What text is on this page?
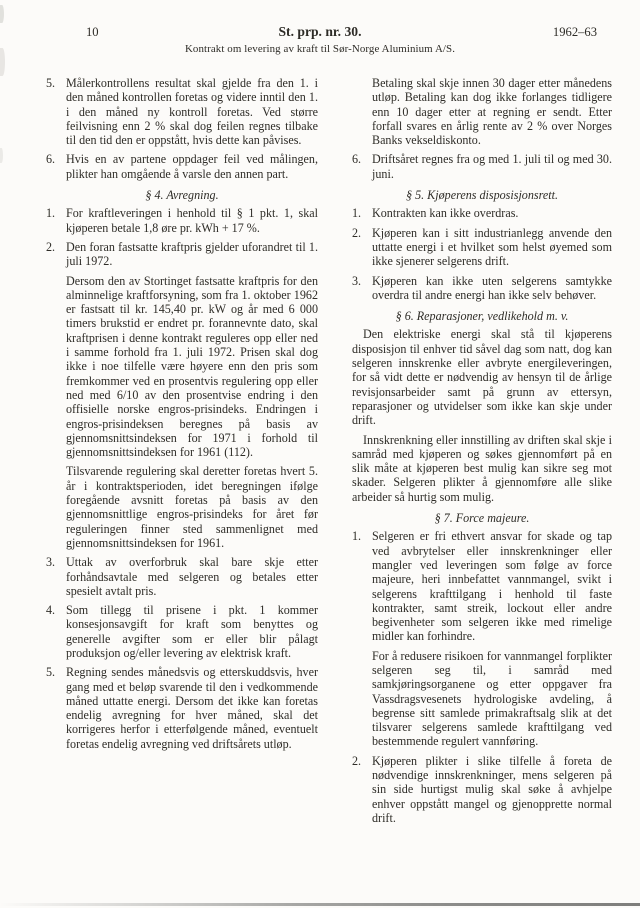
10	St. prp. nr. 30.	1962–63
Kontrakt om levering av kraft til Sør-Norge Aluminium A/S.
5. Målerkontrollens resultat skal gjelde fra den 1. i den måned kontrollen foretas og videre inntil den 1. i den måned ny kontroll foretas. Ved større feilvisning enn 2 % skal dog feilen regnes tilbake til den tid den er oppstått, hvis dette kan påvises.
6. Hvis en av partene oppdager feil ved målingen, plikter han omgående å varsle den annen part.
§ 4. Avregning.
1. For kraftleveringen i henhold til § 1 pkt. 1, skal kjøperen betale 1,8 øre pr. kWh + 17 %.
2. Den foran fastsatte kraftpris gjelder uforandret til 1. juli 1972.
Dersom den av Stortinget fastsatte kraftpris for den alminnelige kraftforsyning, som fra 1. oktober 1962 er fastsatt til kr. 145,40 pr. kW og år med 6 000 timers brukstid er endret pr. forannevnte dato, skal kraftprisen i denne kontrakt reguleres opp eller ned i samme forhold fra 1. juli 1972. Prisen skal dog ikke i noe tilfelle være høyere enn den pris som fremkommer ved en prosentvis regulering opp eller ned med 6/10 av den prosentvise endring i den offisielle norske engros-prisindeks. Endringen i engros-prisindeksen beregnes på basis av gjennomsnittsindeksen for 1971 i forhold til gjennomsnittsindeksen for 1961 (112).
Tilsvarende regulering skal deretter foretas hvert 5. år i kontraktsperioden, idet beregningen ifølge foregående avsnitt foretas på basis av den gjennomsnittlige engros-prisindeks for året før reguleringen finner sted sammenlignet med gjennomsnittsindeksen for 1961.
3. Uttak av overforbruk skal bare skje etter forhåndsavtale med selgeren og betales etter spesielt avtalt pris.
4. Som tillegg til prisene i pkt. 1 kommer konsesjonsavgift for kraft som benyttes og generelle avgifter som er eller blir pålagt produksjon og/eller levering av elektrisk kraft.
5. Regning sendes månedsvis og etterskuddsvis, hver gang med et beløp svarende til den i vedkommende måned uttatte energi. Dersom det ikke kan foretas endelig avregning for hver måned, skal det korrigeres herfor i etterfølgende måned, eventuelt foretas endelig avregning ved driftsårets utløp.
Betaling skal skje innen 30 dager etter månedens utløp. Betaling kan dog ikke forlanges tidligere enn 10 dager etter at regning er sendt. Etter forfall svares en årlig rente av 2 % over Norges Banks vekseldiskonto.
6. Driftsåret regnes fra og med 1. juli til og med 30. juni.
§ 5. Kjøperens disposisjonsrett.
1. Kontrakten kan ikke overdras.
2. Kjøperen kan i sitt industrianlegg anvende den uttatte energi i et hvilket som helst øyemed som ikke sjenerer selgerens drift.
3. Kjøperen kan ikke uten selgerens samtykke overdra til andre energi han ikke selv behøver.
§ 6. Reparasjoner, vedlikehold m. v.
Den elektriske energi skal stå til kjøperens disposisjon til enhver tid såvel dag som natt, dog kan selgeren innskrenke eller avbryte energileveringen, for så vidt dette er nødvendig av hensyn til de årlige revisjonsarbeider samt på grunn av ettersyn, reparasjoner og utvidelser som ikke kan skje under drift.
Innskrenkning eller innstilling av driften skal skje i samråd med kjøperen og søkes gjennomført på en slik måte at kjøperen best mulig kan sikre seg mot skader. Selgeren plikter å gjennomføre alle slike arbeider så hurtig som mulig.
§ 7. Force majeure.
1. Selgeren er fri ethvert ansvar for skade og tap ved avbrytelser eller innskrenkninger eller mangler ved leveringen som følge av force majeure, heri innbefattet vannmangel, svikt i selgerens krafttilgang i henhold til faste kontrakter, samt streik, lockout eller andre begivenheter som selgeren ikke med rimelige midler kan forhindre.
For å redusere risikoen for vannmangel forplikter selgeren seg til, i samråd med samkjøringsorganene og etter oppgaver fra Vassdragsvesenets hydrologiske avdeling, å begrense sitt samlede primakraftsalg slik at det tilsvarer selgerens samlede krafttilgang ved bestemmende regulert vannføring.
2. Kjøperen plikter i slike tilfelle å foreta de nødvendige innskrenkninger, mens selgeren på sin side hurtigst mulig skal søke å avhjelpe enhver oppstått mangel og gjenopprette normal drift.
